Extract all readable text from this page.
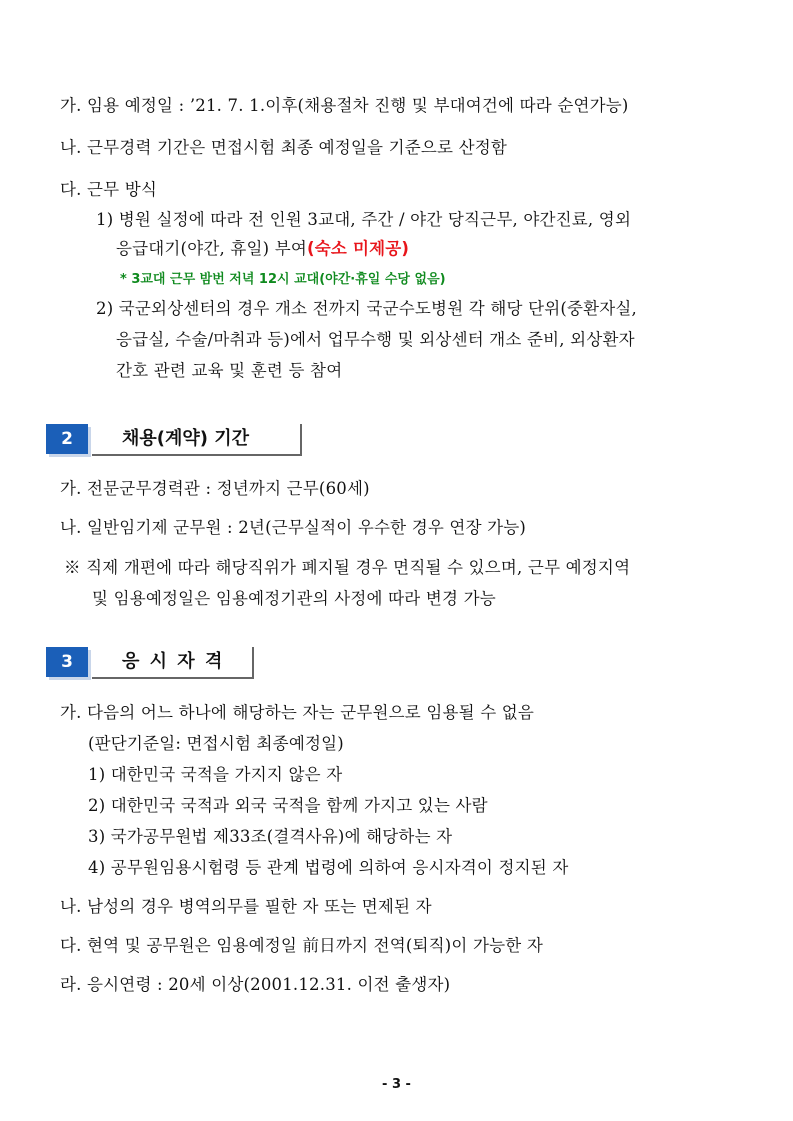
가. 임용 예정일 : ’21. 7. 1.이후(채용절차 진행 및 부대여건에 따라 순연가능)
나. 근무경력 기간은 면접시험 최종 예정일을 기준으로 산정함
다. 근무 방식
1) 병원 실정에 따라 전 인원 3교대, 주간 / 야간 당직근무, 야간진료, 영외
응급대기(야간, 휴일) 부여(숙소 미제공)
* 3교대 근무 밤번 저녁 12시 교대(야간·휴일 수당 없음)
2) 국군외상센터의 경우 개소 전까지 국군수도병원 각 해당 단위(중환자실,
응급실, 수술/마취과 등)에서 업무수행 및 외상센터 개소 준비, 외상환자
간호 관련 교육 및 훈련 등 참여
2	채용(계약) 기간
가. 전문군무경력관 : 정년까지 근무(60세)
나. 일반임기제 군무원 : 2년(근무실적이 우수한 경우 연장 가능)
※ 직제 개편에 따라 해당직위가 폐지될 경우 면직될 수 있으며, 근무 예정지역
및 임용예정일은 임용예정기관의 사정에 따라 변경 가능
3	응 시 자 격
가. 다음의 어느 하나에 해당하는 자는 군무원으로 임용될 수 없음
(판단기준일: 면접시험 최종예정일)
1) 대한민국 국적을 가지지 않은 자
2) 대한민국 국적과 외국 국적을 함께 가지고 있는 사람
3) 국가공무원법 제33조(결격사유)에 해당하는 자
4) 공무원임용시험령 등 관계 법령에 의하여 응시자격이 정지된 자
나. 남성의 경우 병역의무를 필한 자 또는 면제된 자
다. 현역 및 공무원은 임용예정일 前日까지 전역(퇴직)이 가능한 자
라. 응시연령 : 20세 이상(2001.12.31. 이전 출생자)
- 3 -
